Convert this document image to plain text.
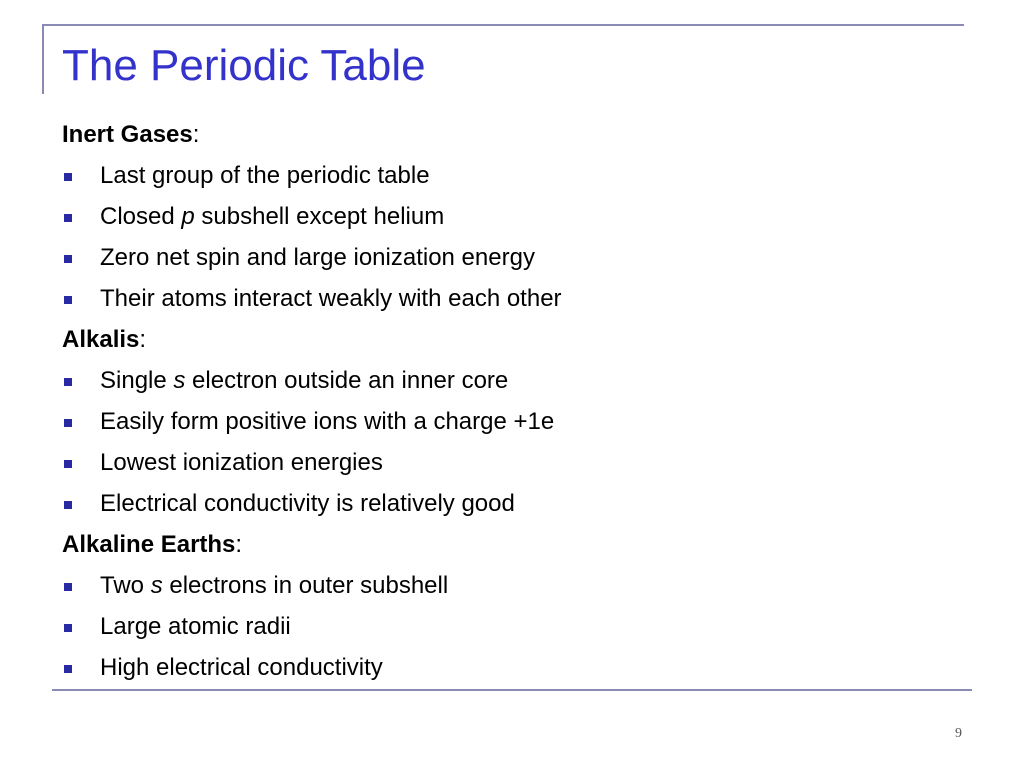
The Periodic Table
Inert Gases:
Last group of the periodic table
Closed p subshell except helium
Zero net spin and large ionization energy
Their atoms interact weakly with each other
Alkalis:
Single s electron outside an inner core
Easily form positive ions with a charge +1e
Lowest ionization energies
Electrical conductivity is relatively good
Alkaline Earths:
Two s electrons in outer subshell
Large atomic radii
High electrical conductivity
9
